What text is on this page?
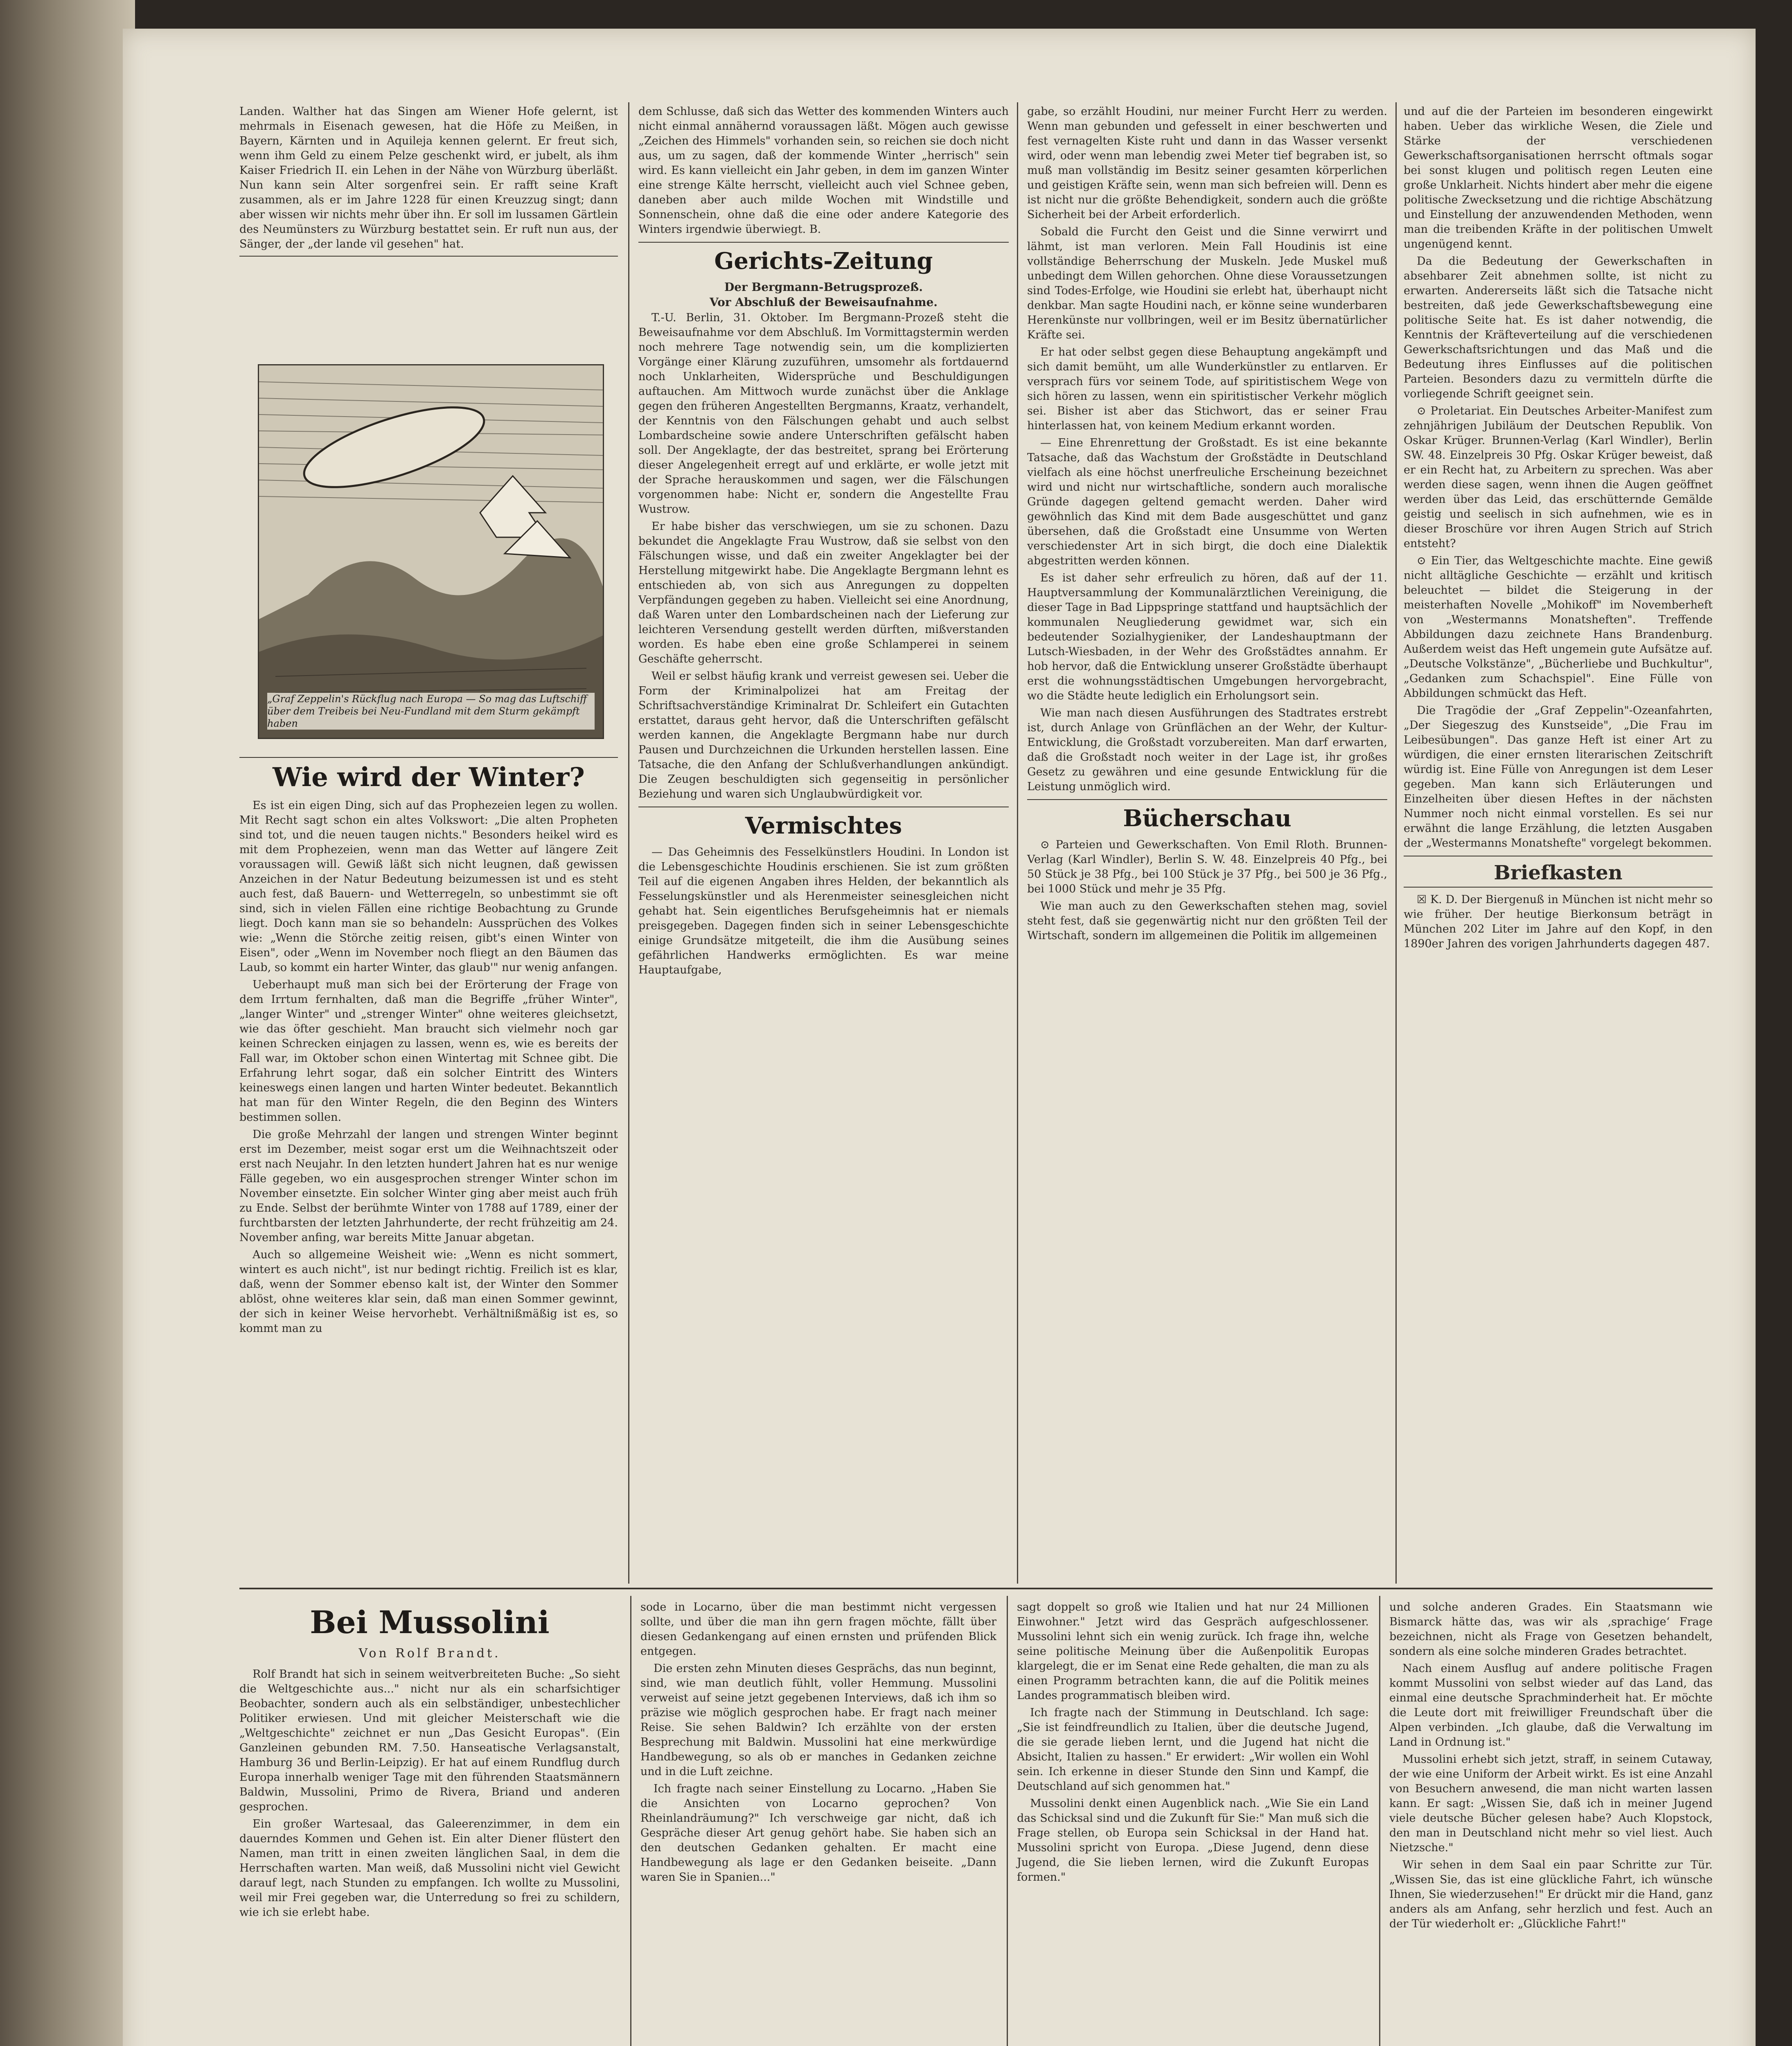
Landen. Walther hat das Singen am Wiener Hofe gelernt, ist mehrmals in Eisenach gewesen, hat die Höfe zu Meißen, in Bayern, Kärnten und in Aquileja kennen gelernt. Er freut sich, wenn ihm Geld zu einem Pelze geschenkt wird, er jubelt, als ihm Kaiser Friedrich II. ein Lehen in der Nähe von Würzburg überläßt. Nun kann sein Alter sorgenfrei sein. Er rafft seine Kraft zusammen, als er im Jahre 1228 für einen Kreuzzug singt; dann aber wissen wir nichts mehr über ihn. Er soll im lussamen Gärtlein des Neumünsters zu Würzburg bestattet sein. Er ruft nun aus, der Sänger, der „der lande vil gesehen" hat.

„Graf Zeppelin's Rückflug nach Europa — So mag das Luftschiff über dem Treibeis bei Neu-Fundland mit dem Sturm gekämpft haben
Wie wird der Winter?

Es ist ein eigen Ding, sich auf das Prophezeien legen zu wollen. Mit Recht sagt schon ein altes Volkswort: „Die alten Propheten sind tot, und die neuen taugen nichts." Besonders heikel wird es mit dem Prophezeien, wenn man das Wetter auf längere Zeit voraussagen will. Gewiß läßt sich nicht leugnen, daß gewissen Anzeichen in der Natur Bedeutung beizumessen ist und es steht auch fest, daß Bauern- und Wetterregeln, so unbestimmt sie oft sind, sich in vielen Fällen eine richtige Beobachtung zu Grunde liegt. Doch kann man sie so behandeln: Aussprüchen des Volkes wie: „Wenn die Störche zeitig reisen, gibt's einen Winter von Eisen", oder „Wenn im November noch fliegt an den Bäumen das Laub, so kommt ein harter Winter, das glaub'" nur wenig anfangen.

Ueberhaupt muß man sich bei der Erörterung der Frage von dem Irrtum fernhalten, daß man die Begriffe „früher Winter", „langer Winter" und „strenger Winter" ohne weiteres gleichsetzt, wie das öfter geschieht. Man braucht sich vielmehr noch gar keinen Schrecken einjagen zu lassen, wenn es, wie es bereits der Fall war, im Oktober schon einen Wintertag mit Schnee gibt. Die Erfahrung lehrt sogar, daß ein solcher Eintritt des Winters keineswegs einen langen und harten Winter bedeutet. Bekanntlich hat man für den Winter Regeln, die den Beginn des Winters bestimmen sollen.

Die große Mehrzahl der langen und strengen Winter beginnt erst im Dezember, meist sogar erst um die Weihnachtszeit oder erst nach Neujahr. In den letzten hundert Jahren hat es nur wenige Fälle gegeben, wo ein ausgesprochen strenger Winter schon im November einsetzte. Ein solcher Winter ging aber meist auch früh zu Ende. Selbst der berühmte Winter von 1788 auf 1789, einer der furchtbarsten der letzten Jahrhunderte, der recht frühzeitig am 24. November anfing, war bereits Mitte Januar abgetan.

Auch so allgemeine Weisheit wie: „Wenn es nicht sommert, wintert es auch nicht", ist nur bedingt richtig. Freilich ist es klar, daß, wenn der Sommer ebenso kalt ist, der Winter den Sommer ablöst, ohne weiteres klar sein, daß man einen Sommer gewinnt, der sich in keiner Weise hervorhebt. Verhältnißmäßig ist es, so kommt man zu

dem Schlusse, daß sich das Wetter des kommenden Winters auch nicht einmal annähernd voraussagen läßt. Mögen auch gewisse „Zeichen des Himmels" vorhanden sein, so reichen sie doch nicht aus, um zu sagen, daß der kommende Winter „herrisch" sein wird. Es kann vielleicht ein Jahr geben, in dem im ganzen Winter eine strenge Kälte herrscht, vielleicht auch viel Schnee geben, daneben aber auch milde Wochen mit Windstille und Sonnenschein, ohne daß die eine oder andere Kategorie des Winters irgendwie überwiegt. B.

Gerichts-Zeitung
Der Bergmann-Betrugsprozeß.
Vor Abschluß der Beweisaufnahme.

T.-U. Berlin, 31. Oktober. Im Bergmann-Prozeß steht die Beweisaufnahme vor dem Abschluß. Im Vormittagstermin werden noch mehrere Tage notwendig sein, um die komplizierten Vorgänge einer Klärung zuzuführen, umsomehr als fortdauernd noch Unklarheiten, Widersprüche und Beschuldigungen auftauchen. Am Mittwoch wurde zunächst über die Anklage gegen den früheren Angestellten Bergmanns, Kraatz, verhandelt, der Kenntnis von den Fälschungen gehabt und auch selbst Lombardscheine sowie andere Unterschriften gefälscht haben soll. Der Angeklagte, der das bestreitet, sprang bei Erörterung dieser Angelegenheit erregt auf und erklärte, er wolle jetzt mit der Sprache herauskommen und sagen, wer die Fälschungen vorgenommen habe: Nicht er, sondern die Angestellte Frau Wustrow.

Er habe bisher das verschwiegen, um sie zu schonen. Dazu bekundet die Angeklagte Frau Wustrow, daß sie selbst von den Fälschungen wisse, und daß ein zweiter Angeklagter bei der Herstellung mitgewirkt habe. Die Angeklagte Bergmann lehnt es entschieden ab, von sich aus Anregungen zu doppelten Verpfändungen gegeben zu haben. Vielleicht sei eine Anordnung, daß Waren unter den Lombardscheinen nach der Lieferung zur leichteren Versendung gestellt werden dürften, mißverstanden worden. Es habe eben eine große Schlamperei in seinem Geschäfte geherrscht.

Weil er selbst häufig krank und verreist gewesen sei. Ueber die Form der Kriminalpolizei hat am Freitag der Schriftsachverständige Kriminalrat Dr. Schleifert ein Gutachten erstattet, daraus geht hervor, daß die Unterschriften gefälscht werden kannen, die Angeklagte Bergmann habe nur durch Pausen und Durchzeichnen die Urkunden herstellen lassen. Eine Tatsache, die den Anfang der Schlußverhandlungen ankündigt. Die Zeugen beschuldigten sich gegenseitig in persönlicher Beziehung und waren sich Unglaubwürdigkeit vor.

Vermischtes

— Das Geheimnis des Fesselkünstlers Houdini. In London ist die Lebensgeschichte Houdinis erschienen. Sie ist zum größten Teil auf die eigenen Angaben ihres Helden, der bekanntlich als Fesselungskünstler und als Herenmeister seinesgleichen nicht gehabt hat. Sein eigentliches Berufsgeheimnis hat er niemals preisgegeben. Dagegen finden sich in seiner Lebensgeschichte einige Grundsätze mitgeteilt, die ihm die Ausübung seines gefährlichen Handwerks ermöglichten. Es war meine Hauptaufgabe,

gabe, so erzählt Houdini, nur meiner Furcht Herr zu werden. Wenn man gebunden und gefesselt in einer beschwerten und fest vernagelten Kiste ruht und dann in das Wasser versenkt wird, oder wenn man lebendig zwei Meter tief begraben ist, so muß man vollständig im Besitz seiner gesamten körperlichen und geistigen Kräfte sein, wenn man sich befreien will. Denn es ist nicht nur die größte Behendigkeit, sondern auch die größte Sicherheit bei der Arbeit erforderlich.

Sobald die Furcht den Geist und die Sinne verwirrt und lähmt, ist man verloren. Mein Fall Houdinis ist eine vollständige Beherrschung der Muskeln. Jede Muskel muß unbedingt dem Willen gehorchen. Ohne diese Voraussetzungen sind Todes-Erfolge, wie Houdini sie erlebt hat, überhaupt nicht denkbar. Man sagte Houdini nach, er könne seine wunderbaren Herenkünste nur vollbringen, weil er im Besitz übernatürlicher Kräfte sei.

Er hat oder selbst gegen diese Behauptung angekämpft und sich damit bemüht, um alle Wunderkünstler zu entlarven. Er versprach fürs vor seinem Tode, auf spiritistischem Wege von sich hören zu lassen, wenn ein spiritistischer Verkehr möglich sei. Bisher ist aber das Stichwort, das er seiner Frau hinterlassen hat, von keinem Medium erkannt worden.

— Eine Ehrenrettung der Großstadt. Es ist eine bekannte Tatsache, daß das Wachstum der Großstädte in Deutschland vielfach als eine höchst unerfreuliche Erscheinung bezeichnet wird und nicht nur wirtschaftliche, sondern auch moralische Gründe dagegen geltend gemacht werden. Daher wird gewöhnlich das Kind mit dem Bade ausgeschüttet und ganz übersehen, daß die Großstadt eine Unsumme von Werten verschiedenster Art in sich birgt, die doch eine Dialektik abgestritten werden können.

Es ist daher sehr erfreulich zu hören, daß auf der 11. Hauptversammlung der Kommunalärztlichen Vereinigung, die dieser Tage in Bad Lippspringe stattfand und hauptsächlich der kommunalen Neugliederung gewidmet war, sich ein bedeutender Sozialhygieniker, der Landeshauptmann der Lutsch-Wiesbaden, in der Wehr des Großstädtes annahm. Er hob hervor, daß die Entwicklung unserer Großstädte überhaupt erst die wohnungsstädtischen Umgebungen hervorgebracht, wo die Städte heute lediglich ein Erholungsort sein.

Wie man nach diesen Ausführungen des Stadtrates erstrebt ist, durch Anlage von Grünflächen an der Wehr, der Kultur-Entwicklung, die Großstadt vorzubereiten. Man darf erwarten, daß die Großstadt noch weiter in der Lage ist, ihr großes Gesetz zu gewähren und eine gesunde Entwicklung für die Leistung unmöglich wird.

Bücherschau

⊙ Parteien und Gewerkschaften. Von Emil Rloth. Brunnen-Verlag (Karl Windler), Berlin S. W. 48. Einzelpreis 40 Pfg., bei 50 Stück je 38 Pfg., bei 100 Stück je 37 Pfg., bei 500 je 36 Pfg., bei 1000 Stück und mehr je 35 Pfg.

Wie man auch zu den Gewerkschaften stehen mag, soviel steht fest, daß sie gegenwärtig nicht nur den größten Teil der Wirtschaft, sondern im allgemeinen die Politik im allgemeinen

und auf die der Parteien im besonderen eingewirkt haben. Ueber das wirkliche Wesen, die Ziele und Stärke der verschiedenen Gewerkschaftsorganisationen herrscht oftmals sogar bei sonst klugen und politisch regen Leuten eine große Unklarheit. Nichts hindert aber mehr die eigene politische Zwecksetzung und die richtige Abschätzung und Einstellung der anzuwendenden Methoden, wenn man die treibenden Kräfte in der politischen Umwelt ungenügend kennt.

Da die Bedeutung der Gewerkschaften in absehbarer Zeit abnehmen sollte, ist nicht zu erwarten. Andererseits läßt sich die Tatsache nicht bestreiten, daß jede Gewerkschaftsbewegung eine politische Seite hat. Es ist daher notwendig, die Kenntnis der Kräfteverteilung auf die verschiedenen Gewerkschaftsrichtungen und das Maß und die Bedeutung ihres Einflusses auf die politischen Parteien. Besonders dazu zu vermitteln dürfte die vorliegende Schrift geeignet sein.

⊙ Proletariat. Ein Deutsches Arbeiter-Manifest zum zehnjährigen Jubiläum der Deutschen Republik. Von Oskar Krüger. Brunnen-Verlag (Karl Windler), Berlin SW. 48. Einzelpreis 30 Pfg. Oskar Krüger beweist, daß er ein Recht hat, zu Arbeitern zu sprechen. Was aber werden diese sagen, wenn ihnen die Augen geöffnet werden über das Leid, das erschütternde Gemälde geistig und seelisch in sich aufnehmen, wie es in dieser Broschüre vor ihren Augen Strich auf Strich entsteht?

⊙ Ein Tier, das Weltgeschichte machte. Eine gewiß nicht alltägliche Geschichte — erzählt und kritisch beleuchtet — bildet die Steigerung in der meisterhaften Novelle „Mohikoff" im Novemberheft von „Westermanns Monatsheften". Treffende Abbildungen dazu zeichnete Hans Brandenburg. Außerdem weist das Heft ungemein gute Aufsätze auf. „Deutsche Volkstänze", „Bücherliebe und Buchkultur", „Gedanken zum Schachspiel". Eine Fülle von Abbildungen schmückt das Heft.

Die Tragödie der „Graf Zeppelin"-Ozeanfahrten, „Der Siegeszug des Kunstseide", „Die Frau im Leibesübungen". Das ganze Heft ist einer Art zu würdigen, die einer ernsten literarischen Zeitschrift würdig ist. Eine Fülle von Anregungen ist dem Leser gegeben. Man kann sich Erläuterungen und Einzelheiten über diesen Heftes in der nächsten Nummer noch nicht einmal vorstellen. Es sei nur erwähnt die lange Erzählung, die letzten Ausgaben der „Westermanns Monatshefte" vorgelegt bekommen.

Briefkasten

☒ K. D. Der Biergenuß in München ist nicht mehr so wie früher. Der heutige Bierkonsum beträgt in München 202 Liter im Jahre auf den Kopf, in den 1890er Jahren des vorigen Jahrhunderts dagegen 487.

Bei Mussolini
Von Rolf Brandt.

Rolf Brandt hat sich in seinem weitverbreiteten Buche: „So sieht die Weltgeschichte aus..." nicht nur als ein scharfsichtiger Beobachter, sondern auch als ein selbständiger, unbestechlicher Politiker erwiesen. Und mit gleicher Meisterschaft wie die „Weltgeschichte" zeichnet er nun „Das Gesicht Europas". (Ein Ganzleinen gebunden RM. 7.50. Hanseatische Verlagsanstalt, Hamburg 36 und Berlin-Leipzig). Er hat auf einem Rundflug durch Europa innerhalb weniger Tage mit den führenden Staatsmännern Baldwin, Mussolini, Primo de Rivera, Briand und anderen gesprochen.

Ein großer Wartesaal, das Galeerenzimmer, in dem ein dauerndes Kommen und Gehen ist. Ein alter Diener flüstert den Namen, man tritt in einen zweiten länglichen Saal, in dem die Herrschaften warten. Man weiß, daß Mussolini nicht viel Gewicht darauf legt, nach Stunden zu empfangen. Ich wollte zu Mussolini, weil mir Frei gegeben war, die Unterredung so frei zu schildern, wie ich sie erlebt habe.

sode in Locarno, über die man bestimmt nicht vergessen sollte, und über die man ihn gern fragen möchte, fällt über diesen Gedankengang auf einen ernsten und prüfenden Blick entgegen.

Die ersten zehn Minuten dieses Gesprächs, das nun beginnt, sind, wie man deutlich fühlt, voller Hemmung. Mussolini verweist auf seine jetzt gegebenen Interviews, daß ich ihm so präzise wie möglich gesprochen habe. Er fragt nach meiner Reise. Sie sehen Baldwin? Ich erzählte von der ersten Besprechung mit Baldwin. Mussolini hat eine merkwürdige Handbewegung, so als ob er manches in Gedanken zeichne und in die Luft zeichne.

Ich fragte nach seiner Einstellung zu Locarno. „Haben Sie die Ansichten von Locarno geprochen? Von Rheinlandräumung?" Ich verschweige gar nicht, daß ich Gespräche dieser Art genug gehört habe. Sie haben sich an den deutschen Gedanken gehalten. Er macht eine Handbewegung als lage er den Gedanken beiseite. „Dann waren Sie in Spanien..."

sagt doppelt so groß wie Italien und hat nur 24 Millionen Einwohner." Jetzt wird das Gespräch aufgeschlossener. Mussolini lehnt sich ein wenig zurück. Ich frage ihn, welche seine politische Meinung über die Außenpolitik Europas klargelegt, die er im Senat eine Rede gehalten, die man zu als einen Programm betrachten kann, die auf die Politik meines Landes programmatisch bleiben wird.

Ich fragte nach der Stimmung in Deutschland. Ich sage: „Sie ist feindfreundlich zu Italien, über die deutsche Jugend, die sie gerade lieben lernt, und die Jugend hat nicht die Absicht, Italien zu hassen." Er erwidert: „Wir wollen ein Wohl sein. Ich erkenne in dieser Stunde den Sinn und Kampf, die Deutschland auf sich genommen hat."

Mussolini denkt einen Augenblick nach. „Wie Sie ein Land das Schicksal sind und die Zukunft für Sie:" Man muß sich die Frage stellen, ob Europa sein Schicksal in der Hand hat. Mussolini spricht von Europa. „Diese Jugend, denn diese Jugend, die Sie lieben lernen, wird die Zukunft Europas formen."

und solche anderen Grades. Ein Staatsmann wie Bismarck hätte das, was wir als ‚sprachige‘ Frage bezeichnen, nicht als Frage von Gesetzen behandelt, sondern als eine solche minderen Grades betrachtet.

Nach einem Ausflug auf andere politische Fragen kommt Mussolini von selbst wieder auf das Land, das einmal eine deutsche Sprachminderheit hat. Er möchte die Leute dort mit freiwilliger Freundschaft über die Alpen verbinden. „Ich glaube, daß die Verwaltung im Land in Ordnung ist."

Mussolini erhebt sich jetzt, straff, in seinem Cutaway, der wie eine Uniform der Arbeit wirkt. Es ist eine Anzahl von Besuchern anwesend, die man nicht warten lassen kann. Er sagt: „Wissen Sie, daß ich in meiner Jugend viele deutsche Bücher gelesen habe? Auch Klopstock, den man in Deutschland nicht mehr so viel liest. Auch Nietzsche."

Wir sehen in dem Saal ein paar Schritte zur Tür. „Wissen Sie, das ist eine glückliche Fahrt, ich wünsche Ihnen, Sie wiederzusehen!" Er drückt mir die Hand, ganz anders als am Anfang, sehr herzlich und fest. Auch an der Tür wiederholt er: „Glückliche Fahrt!"
